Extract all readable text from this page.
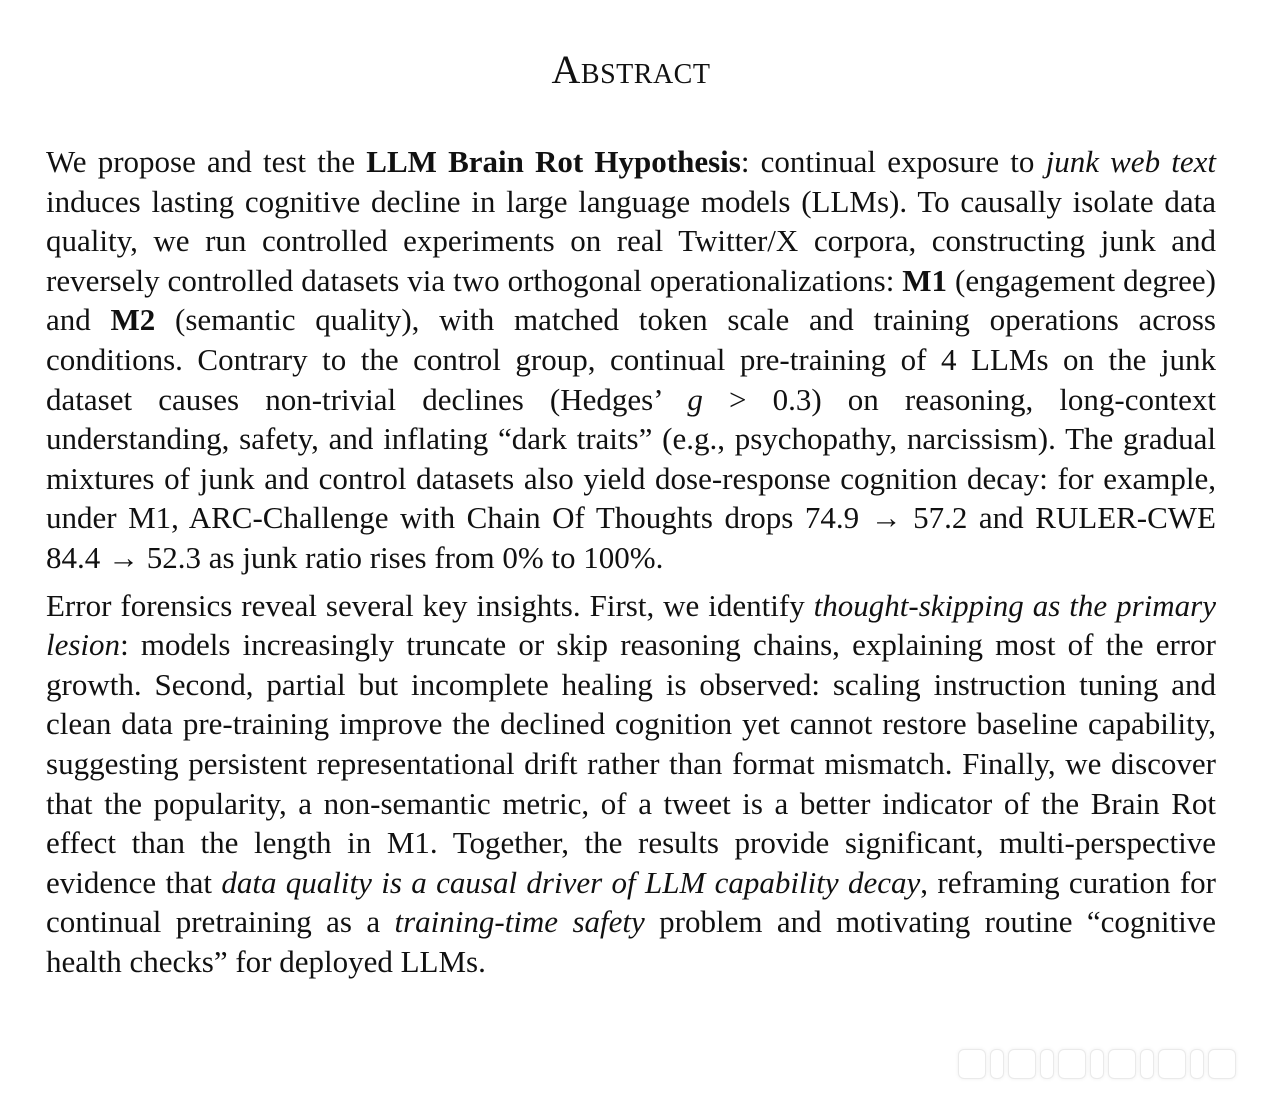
Abstract

We propose and test the LLM Brain Rot Hypothesis: continual exposure to junk web text induces lasting cognitive decline in large language models (LLMs). To causally isolate data quality, we run controlled experiments on real Twitter/X corpora, constructing junk and reversely controlled datasets via two orthogonal operationalizations: M1 (engagement degree) and M2 (semantic quality), with matched token scale and training operations across conditions. Contrary to the control group, continual pre-training of 4 LLMs on the junk dataset causes non-trivial declines (Hedges’ g > 0.3) on reasoning, long-context understanding, safety, and inflating “dark traits” (e.g., psychopathy, narcissism). The gradual mixtures of junk and control datasets also yield dose-response cognition decay: for example, under M1, ARC-Challenge with Chain Of Thoughts drops 74.9 → 57.2 and RULER-CWE 84.4 → 52.3 as junk ratio rises from 0% to 100%.

Error forensics reveal several key insights. First, we identify thought-skipping as the primary lesion: models increasingly truncate or skip reasoning chains, explaining most of the error growth. Second, partial but incomplete healing is observed: scaling instruction tuning and clean data pre-training improve the declined cognition yet cannot restore baseline capability, suggesting persistent representational drift rather than format mismatch. Finally, we discover that the popularity, a non-semantic metric, of a tweet is a better indicator of the Brain Rot effect than the length in M1. Together, the results provide significant, multi-perspective evidence that data quality is a causal driver of LLM capability decay, reframing curation for continual pretraining as a training-time safety problem and motivating routine “cognitive health checks” for deployed LLMs.
